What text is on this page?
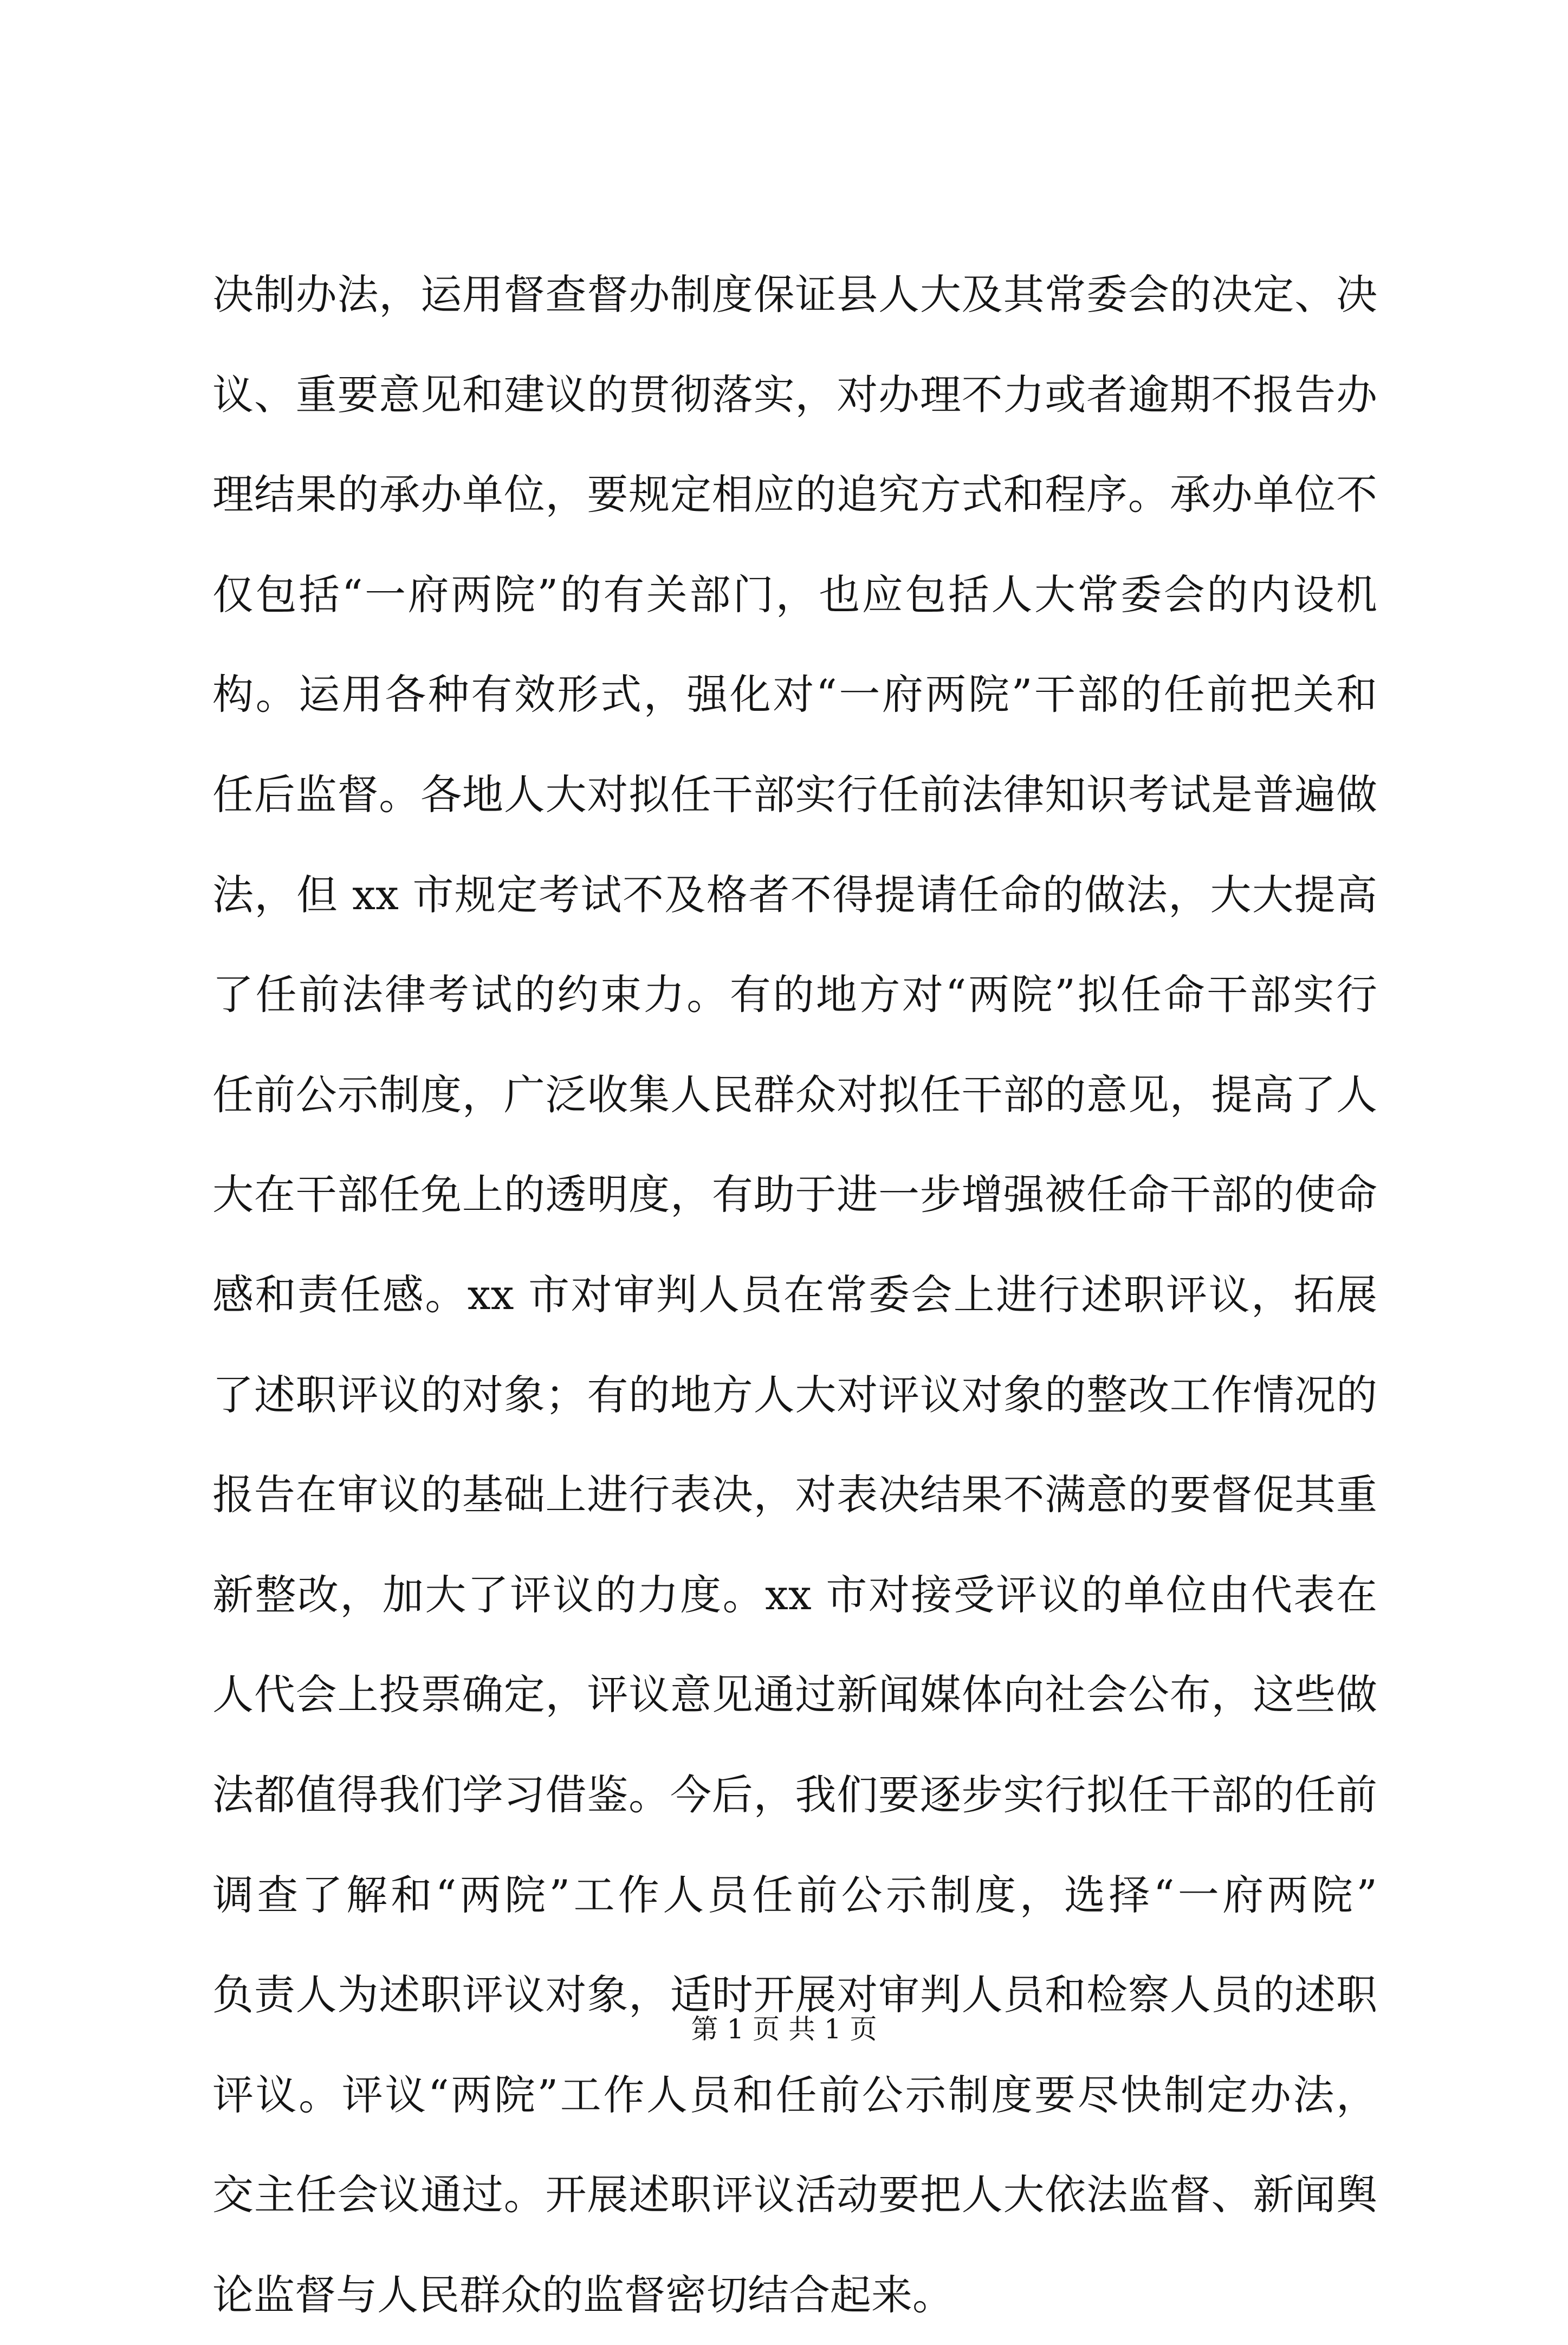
决制办法，运用督查督办制度保证县人大及其常委会的决定、决
议、重要意见和建议的贯彻落实，对办理不力或者逾期不报告办
理结果的承办单位，要规定相应的追究方式和程序。承办单位不
仅包括“一府两院”的有关部门，也应包括人大常委会的内设机
构。运用各种有效形式，强化对“一府两院”干部的任前把关和
任后监督。各地人大对拟任干部实行任前法律知识考试是普遍做
法，但 xx 市规定考试不及格者不得提请任命的做法，大大提高
了任前法律考试的约束力。有的地方对“两院”拟任命干部实行
任前公示制度，广泛收集人民群众对拟任干部的意见，提高了人
大在干部任免上的透明度，有助于进一步增强被任命干部的使命
感和责任感。xx 市对审判人员在常委会上进行述职评议，拓展
了述职评议的对象；有的地方人大对评议对象的整改工作情况的
报告在审议的基础上进行表决，对表决结果不满意的要督促其重
新整改，加大了评议的力度。xx 市对接受评议的单位由代表在
人代会上投票确定，评议意见通过新闻媒体向社会公布，这些做
法都值得我们学习借鉴。今后，我们要逐步实行拟任干部的任前
调查了解和“两院”工作人员任前公示制度，选择“一府两院”
负责人为述职评议对象，适时开展对审判人员和检察人员的述职
评议。评议“两院”工作人员和任前公示制度要尽快制定办法，
交主任会议通过。开展述职评议活动要把人大依法监督、新闻舆
论监督与人民群众的监督密切结合起来。
第 1 页 共 1 页
